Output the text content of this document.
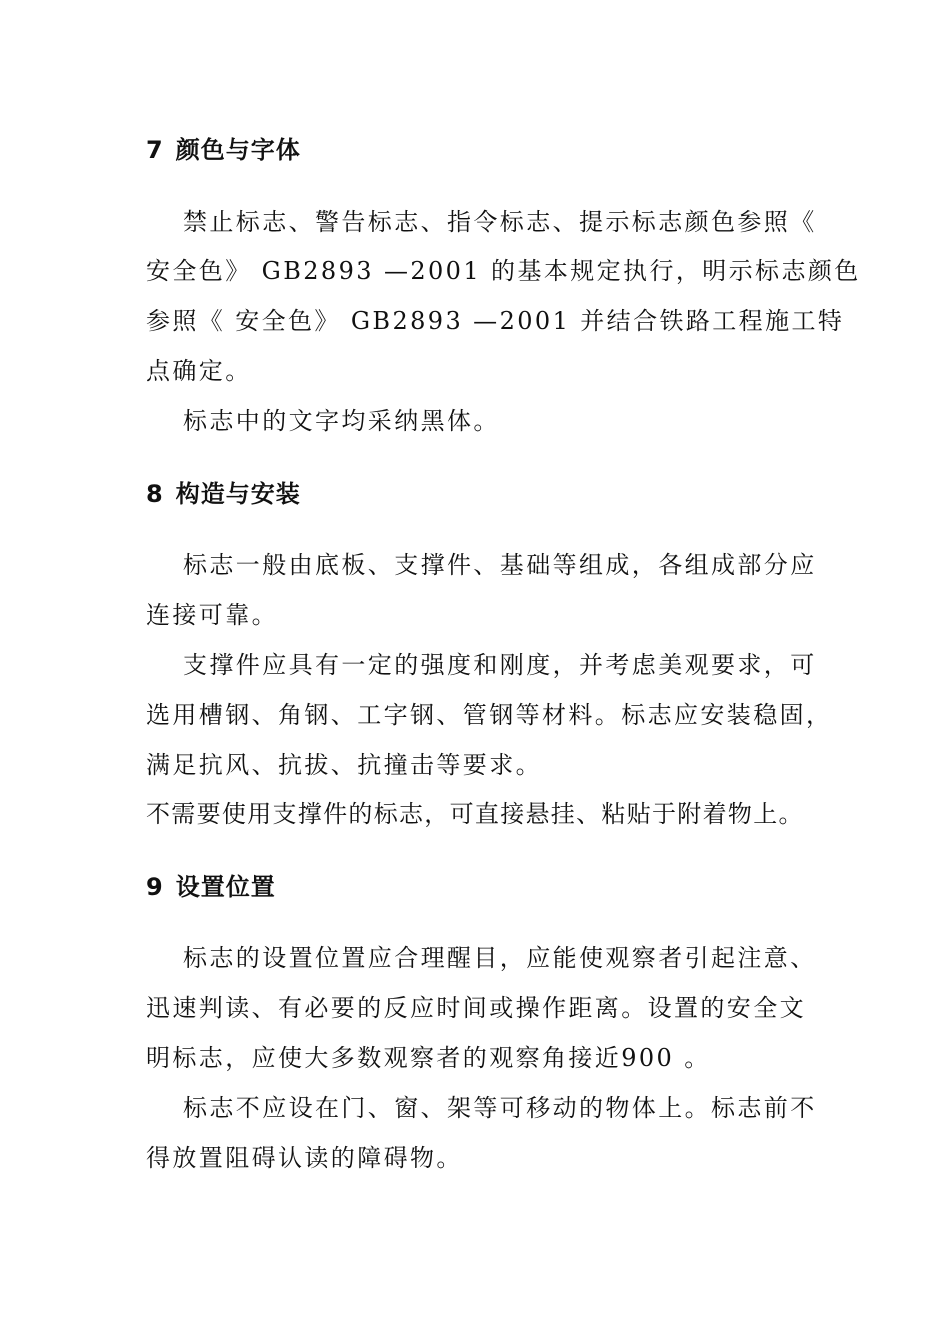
7 颜色与字体
禁止标志、警告标志、指令标志、提示标志颜色参照《
安全色》 GB2893 —2001 的基本规定执行，明示标志颜色
参照《 安全色》 GB2893 —2001 并结合铁路工程施工特
点确定。
标志中的文字均采纳黑体。
8 构造与安装
标志一般由底板、支撑件、基础等组成，各组成部分应
连接可靠。
支撑件应具有一定的强度和刚度，并考虑美观要求，可
选用槽钢、角钢、工字钢、管钢等材料。标志应安装稳固，
满足抗风、抗拔、抗撞击等要求。
不需要使用支撑件的标志，可直接悬挂、粘贴于附着物上。
9 设置位置
标志的设置位置应合理醒目，应能使观察者引起注意、
迅速判读、有必要的反应时间或操作距离。设置的安全文
明标志，应使大多数观察者的观察角接近900 。
标志不应设在门、窗、架等可移动的物体上。标志前不
得放置阻碍认读的障碍物。
